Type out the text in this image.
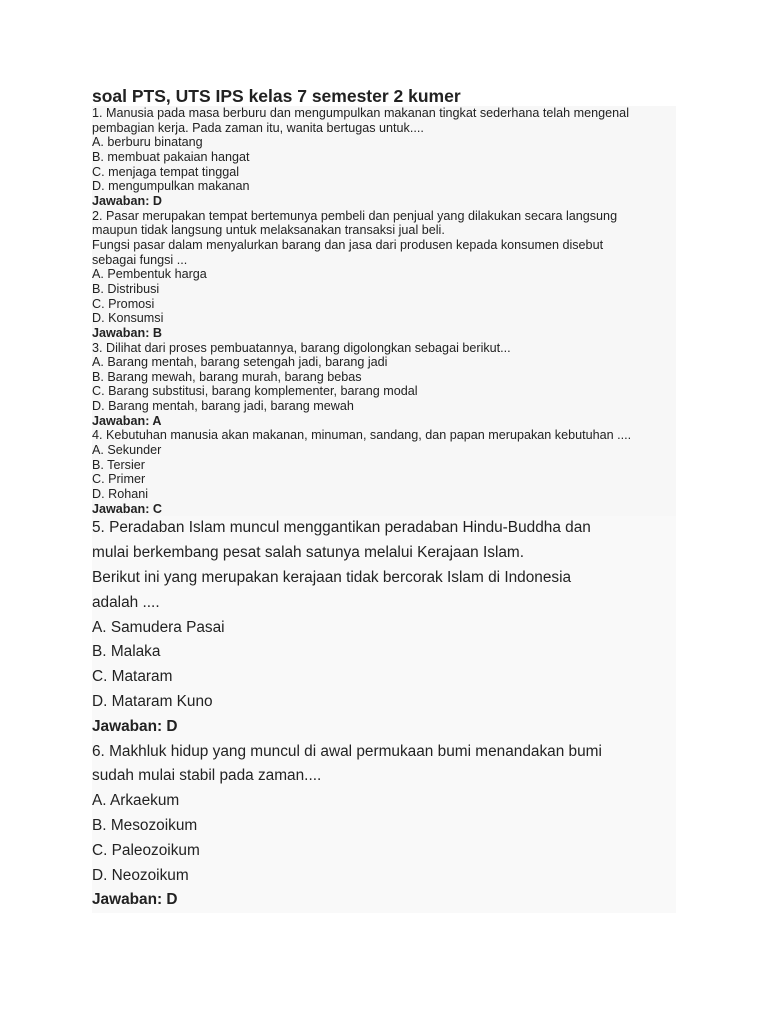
soal PTS, UTS IPS kelas 7 semester 2 kumer
1. Manusia pada masa berburu dan mengumpulkan makanan tingkat sederhana telah mengenal
pembagian kerja. Pada zaman itu, wanita bertugas untuk....
A. berburu binatang
B. membuat pakaian hangat
C. menjaga tempat tinggal
D. mengumpulkan makanan
Jawaban: D
2. Pasar merupakan tempat bertemunya pembeli dan penjual yang dilakukan secara langsung
maupun tidak langsung untuk melaksanakan transaksi jual beli.
Fungsi pasar dalam menyalurkan barang dan jasa dari produsen kepada konsumen disebut
sebagai fungsi ...
A. Pembentuk harga
B. Distribusi
C. Promosi
D. Konsumsi
Jawaban: B
3. Dilihat dari proses pembuatannya, barang digolongkan sebagai berikut...
A. Barang mentah, barang setengah jadi, barang jadi
B. Barang mewah, barang murah, barang bebas
C. Barang substitusi, barang komplementer, barang modal
D. Barang mentah, barang jadi, barang mewah
Jawaban: A
4. Kebutuhan manusia akan makanan, minuman, sandang, dan papan merupakan kebutuhan ....
A. Sekunder
B. Tersier
C. Primer
D. Rohani
Jawaban: C
5. Peradaban Islam muncul menggantikan peradaban Hindu-Buddha dan
mulai berkembang pesat salah satunya melalui Kerajaan Islam.
Berikut ini yang merupakan kerajaan tidak bercorak Islam di Indonesia
adalah ....
A. Samudera Pasai
B. Malaka
C. Mataram
D. Mataram Kuno
Jawaban: D
6. Makhluk hidup yang muncul di awal permukaan bumi menandakan bumi
sudah mulai stabil pada zaman....
A. Arkaekum
B. Mesozoikum
C. Paleozoikum
D. Neozoikum
Jawaban: D
